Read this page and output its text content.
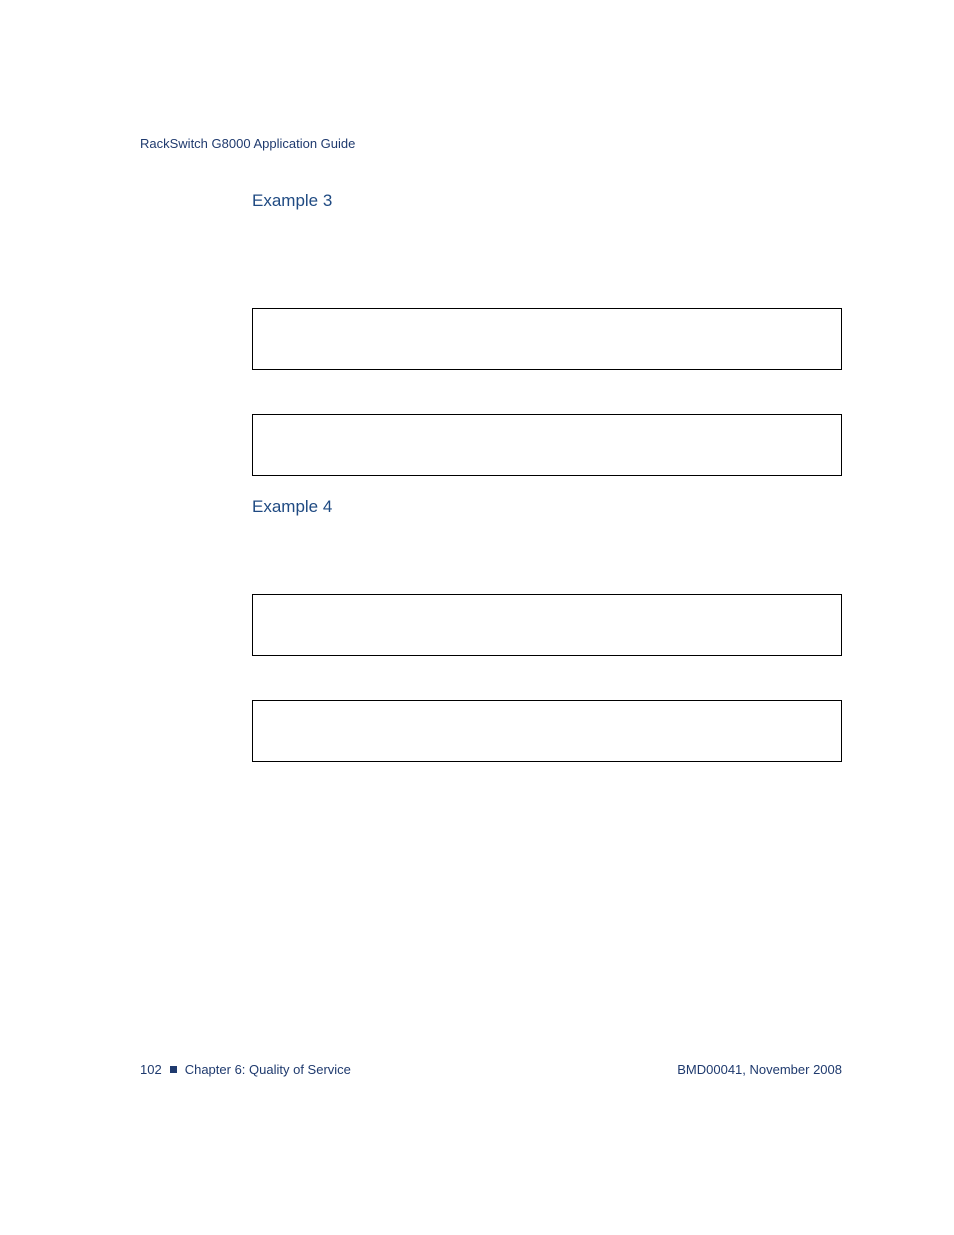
RackSwitch G8000 Application Guide
Example 3
Example 4
102 Chapter 6: Quality of Service	BMD00041, November 2008
